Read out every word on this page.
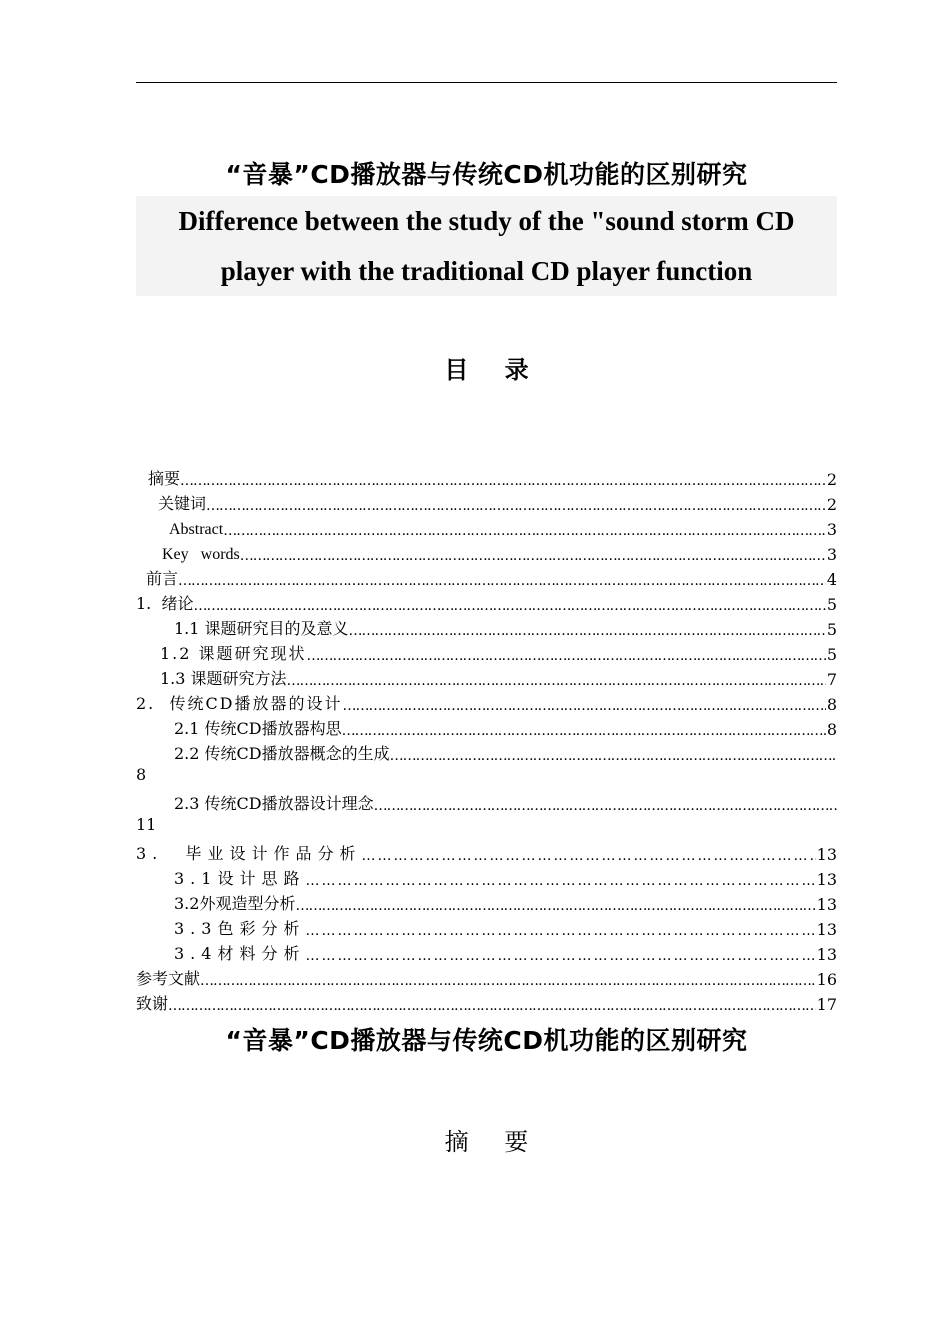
“音暴”CD播放器与传统CD机功能的区别研究
Difference between the study of the "sound storm CD
player with the traditional CD player function
目 录
摘要 ……………………………………………………………………………………………………………………………………………………………………………………………………	2
关键词 ……………………………………………………………………………………………………………………………………………………………………………………………………	2
Abstract ……………………………………………………………………………………………………………………………………………………………………………………………………	3
Key   words ……………………………………………………………………………………………………………………………………………………………………………………………………	3
前言 ……………………………………………………………………………………………………………………………………………………………………………………………………	4
1.  绪论 ……………………………………………………………………………………………………………………………………………………………………………………………………	5
1.1 课题研究目的及意义 ……………………………………………………………………………………………………………………………………………………………………………………………………	5
1.2 课题研究现状 ……………………………………………………………………………………………………………………………………………………………………………………………………	5
1.3 课题研究方法 ……………………………………………………………………………………………………………………………………………………………………………………………………	7
2.  传统CD播放器的设计 ……………………………………………………………………………………………………………………………………………………………………………………………………	8
2.1 传统CD播放器构思 ……………………………………………………………………………………………………………………………………………………………………………………………………	8
2.2 传统CD播放器概念的生成
……………………………………………………………………………………………………………………………………………………………………………………………………
8
2.3 传统CD播放器设计理念
……………………………………………………………………………………………………………………………………………………………………………………………………
11
3.  毕业设计作品分析 ……………………………………………………………………………………………………………………………………………………………………………………………………	13
3.1设计思路 ……………………………………………………………………………………………………………………………………………………………………………………………………	13
3.2外观造型分析 ……………………………………………………………………………………………………………………………………………………………………………………………………	13
3.3色彩分析 ……………………………………………………………………………………………………………………………………………………………………………………………………	13
3.4材料分析 ……………………………………………………………………………………………………………………………………………………………………………………………………	13
参考文献 ……………………………………………………………………………………………………………………………………………………………………………………………………	16
致谢 ……………………………………………………………………………………………………………………………………………………………………………………………………	17
“音暴”CD播放器与传统CD机功能的区别研究
摘 要
